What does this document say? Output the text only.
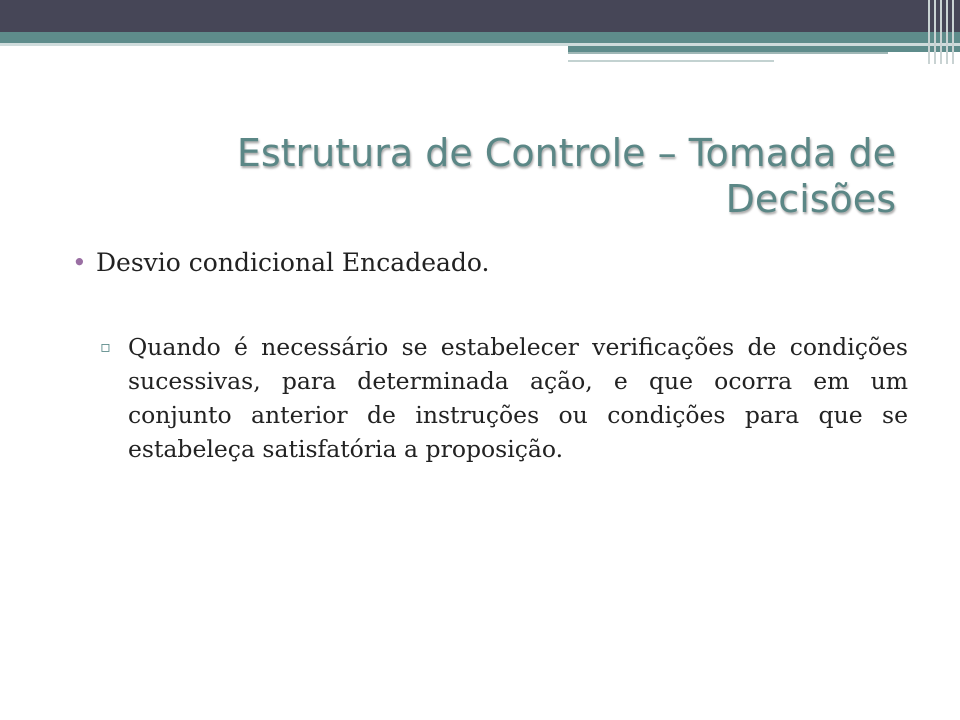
Estrutura de Controle – Tomada de Decisões
• Desvio condicional Encadeado.
▫ Quando é necessário se estabelecer verificações de condições sucessivas, para determinada ação, e que ocorra em um conjunto anterior de instruções ou condições para que se estabeleça satisfatória a proposição.
